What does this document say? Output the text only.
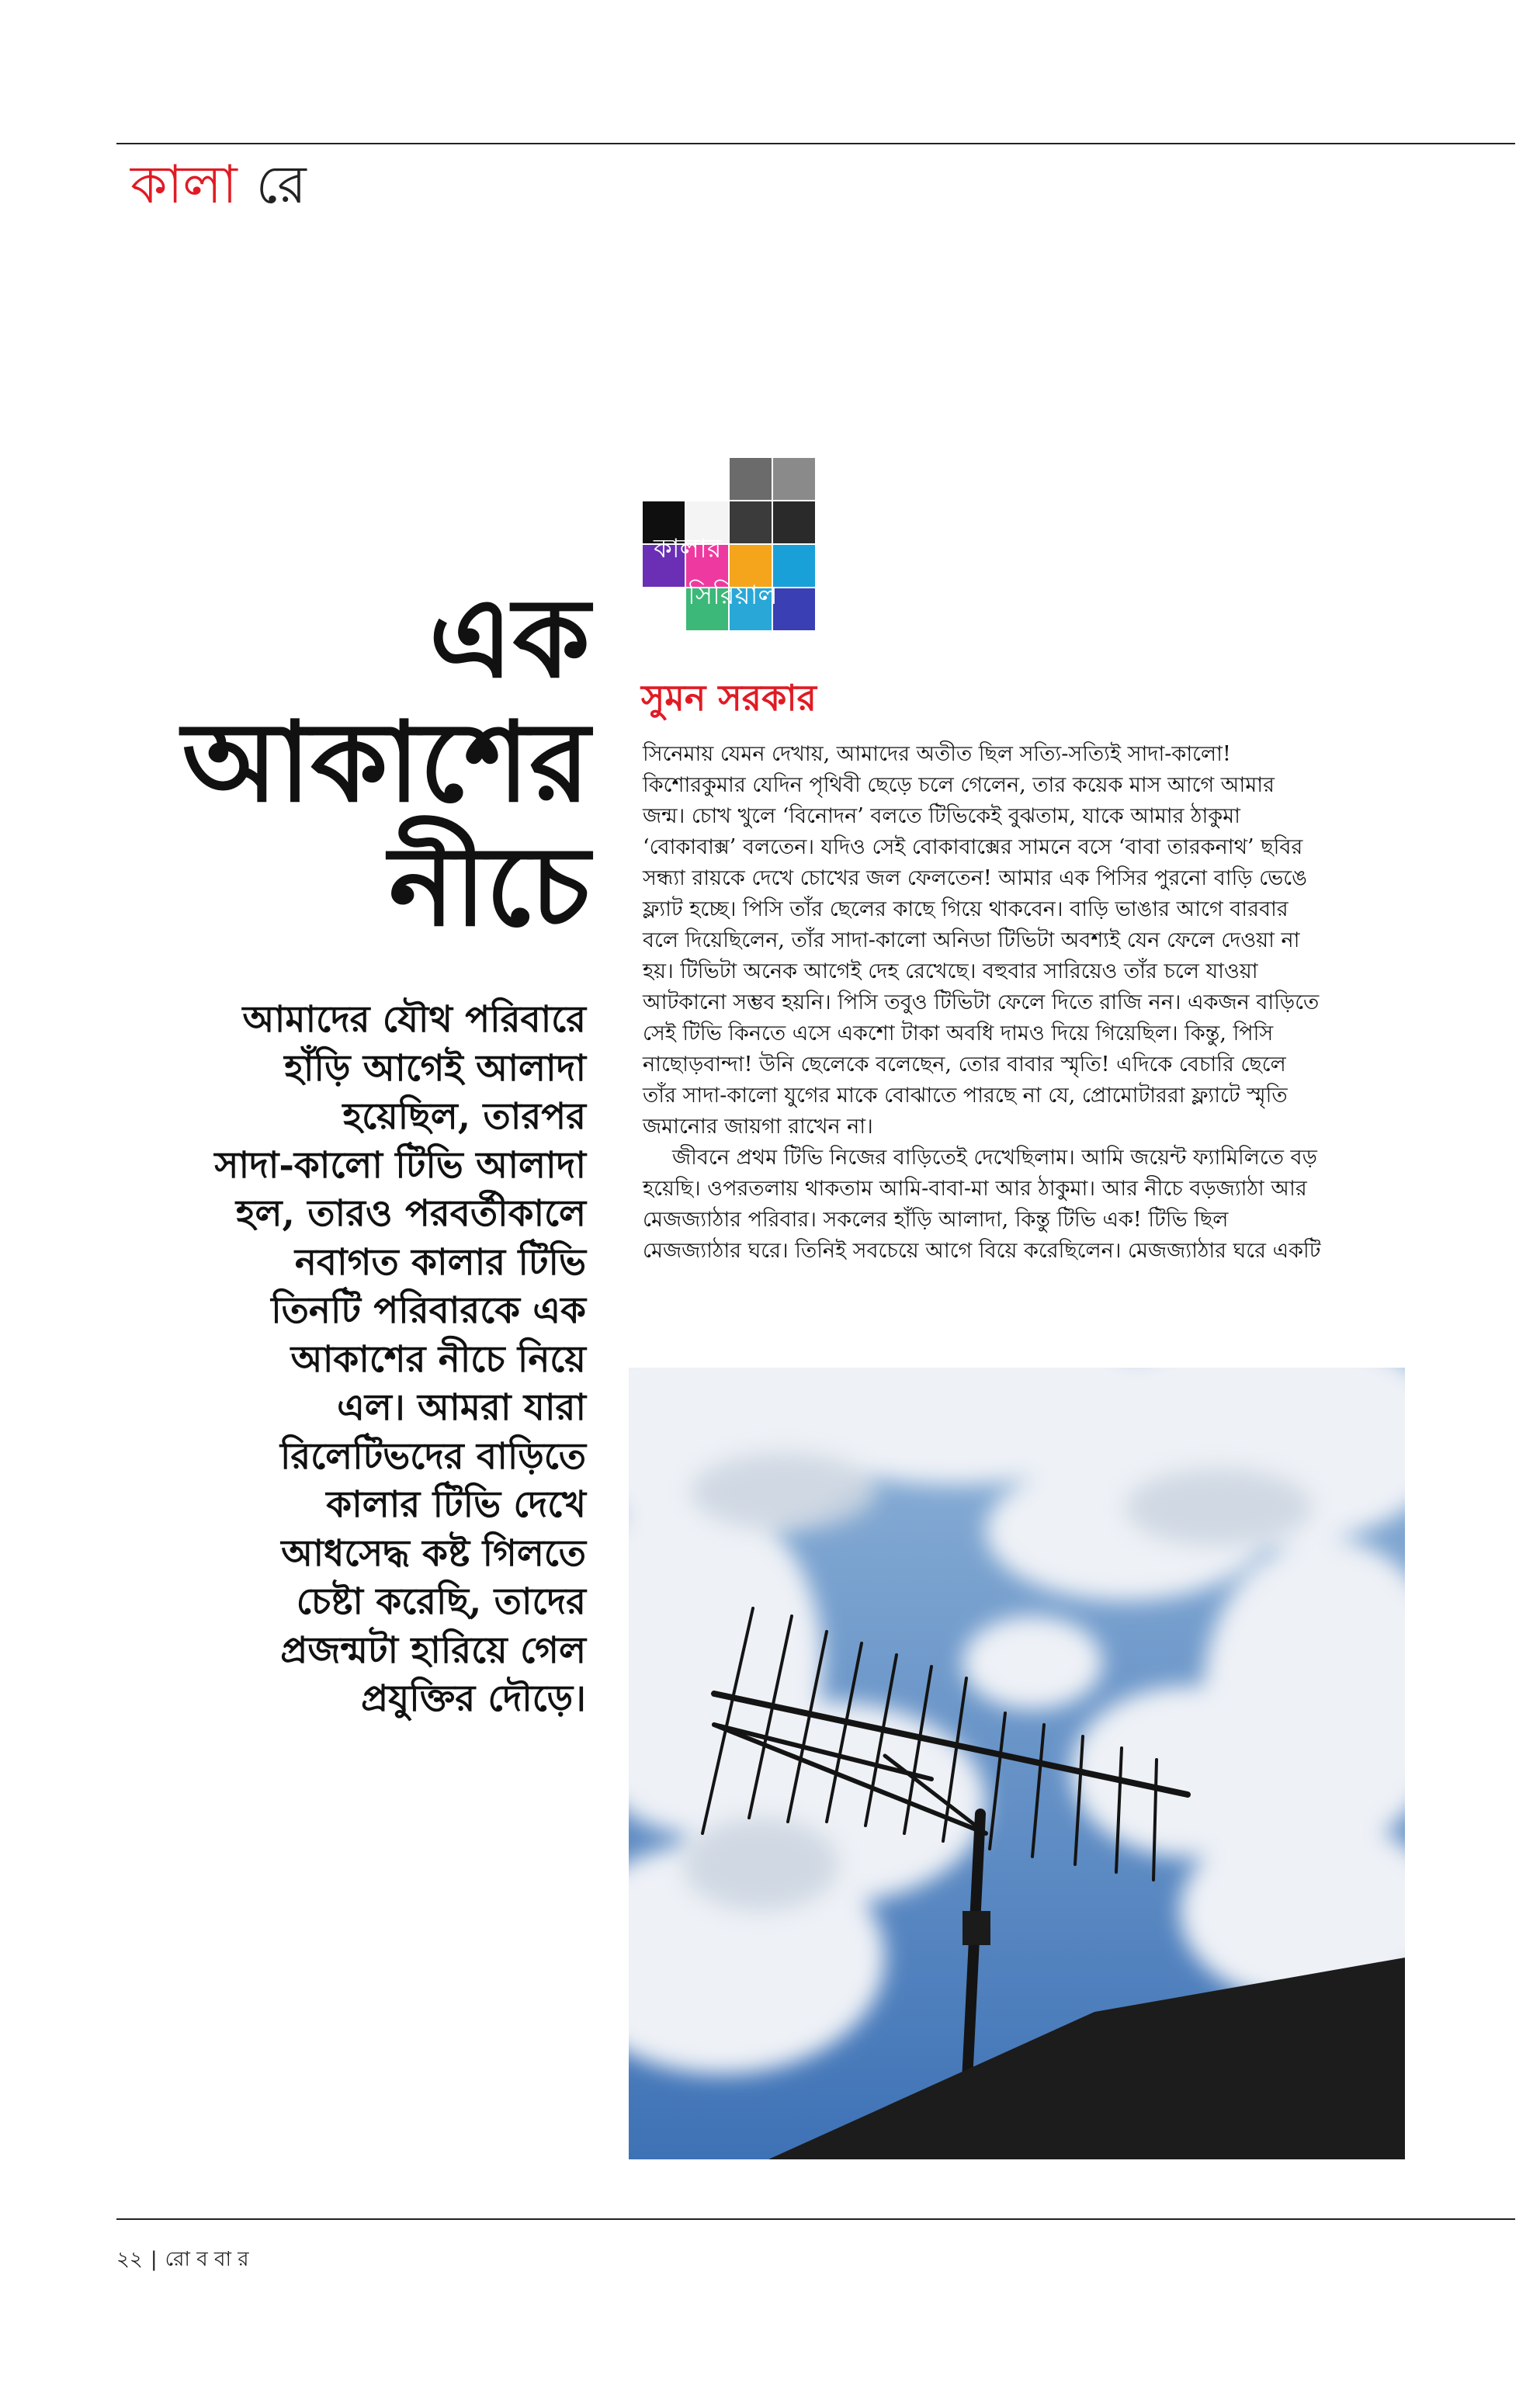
কালা রে
কালার
সিরিয়াল
এক
আকাশের
নীচে
আমাদের যৌথ পরিবারে
হাঁড়ি আগেই আলাদা
হয়েছিল, তারপর
সাদা-কালো টিভি আলাদা
হল, তারও পরবর্তীকালে
নবাগত কালার টিভি
তিনটি পরিবারকে এক
আকাশের নীচে নিয়ে
এল। আমরা যারা
রিলেটিভদের বাড়িতে
কালার টিভি দেখে
আধসেদ্ধ কষ্ট গিলতে
চেষ্টা করেছি, তাদের
প্রজন্মটা হারিয়ে গেল
প্রযুক্তির দৌড়ে।
সুমন সরকার
সিনেমায় যেমন দেখায়, আমাদের অতীত ছিল সত্যি-সত্যিই সাদা-কালো!
কিশোরকুমার যেদিন পৃথিবী ছেড়ে চলে গেলেন, তার কয়েক মাস আগে আমার
জন্ম। চোখ খুলে ‘বিনোদন’ বলতে টিভিকেই বুঝতাম, যাকে আমার ঠাকুমা
‘বোকাবাক্স’ বলতেন। যদিও সেই বোকাবাক্সের সামনে বসে ‘বাবা তারকনাথ’ ছবির
সন্ধ্যা রায়কে দেখে চোখের জল ফেলতেন! আমার এক পিসির পুরনো বাড়ি ভেঙে
ফ্ল্যাট হচ্ছে। পিসি তাঁর ছেলের কাছে গিয়ে থাকবেন। বাড়ি ভাঙার আগে বারবার
বলে দিয়েছিলেন, তাঁর সাদা-কালো অনিডা টিভিটা অবশ্যই যেন ফেলে দেওয়া না
হয়। টিভিটা অনেক আগেই দেহ রেখেছে। বহুবার সারিয়েও তাঁর চলে যাওয়া
আটকানো সম্ভব হয়নি। পিসি তবুও টিভিটা ফেলে দিতে রাজি নন। একজন বাড়িতে
সেই টিভি কিনতে এসে একশো টাকা অবধি দামও দিয়ে গিয়েছিল। কিন্তু, পিসি
নাছোড়বান্দা! উনি ছেলেকে বলেছেন, তোর বাবার স্মৃতি! এদিকে বেচারি ছেলে
তাঁর সাদা-কালো যুগের মাকে বোঝাতে পারছে না যে, প্রোমোটাররা ফ্ল্যাটে স্মৃতি
জমানোর জায়গা রাখেন না।
জীবনে প্রথম টিভি নিজের বাড়িতেই দেখেছিলাম। আমি জয়েন্ট ফ্যামিলিতে বড়
হয়েছি। ওপরতলায় থাকতাম আমি-বাবা-মা আর ঠাকুমা। আর নীচে বড়জ্যাঠা আর
মেজজ্যাঠার পরিবার। সকলের হাঁড়ি আলাদা, কিন্তু টিভি এক! টিভি ছিল
মেজজ্যাঠার ঘরে। তিনিই সবচেয়ে আগে বিয়ে করেছিলেন। মেজজ্যাঠার ঘরে একটি
২২ | রো ব বা র
